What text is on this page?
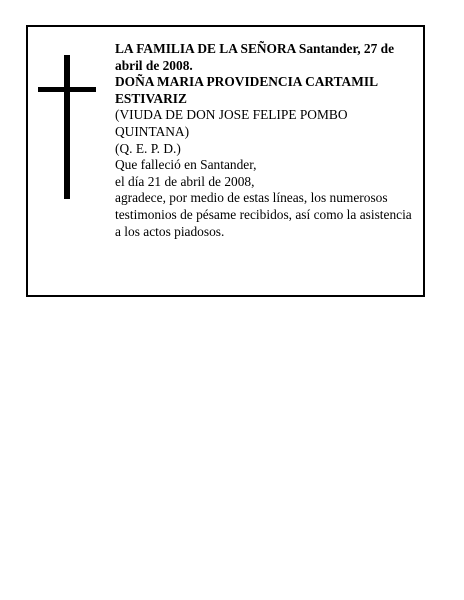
LA FAMILIA DE LA SEÑORA Santander, 27 de abril de 2008.

DOÑA MARIA PROVIDENCIA CARTAMIL ESTIVARIZ

(VIUDA DE DON JOSE FELIPE POMBO QUINTANA)

(Q. E. P. D.)

Que falleció en Santander,

el día 21 de abril de 2008,

agradece, por medio de estas líneas, los numerosos testimonios de pésame recibidos, así como la asistencia a los actos piadosos.
